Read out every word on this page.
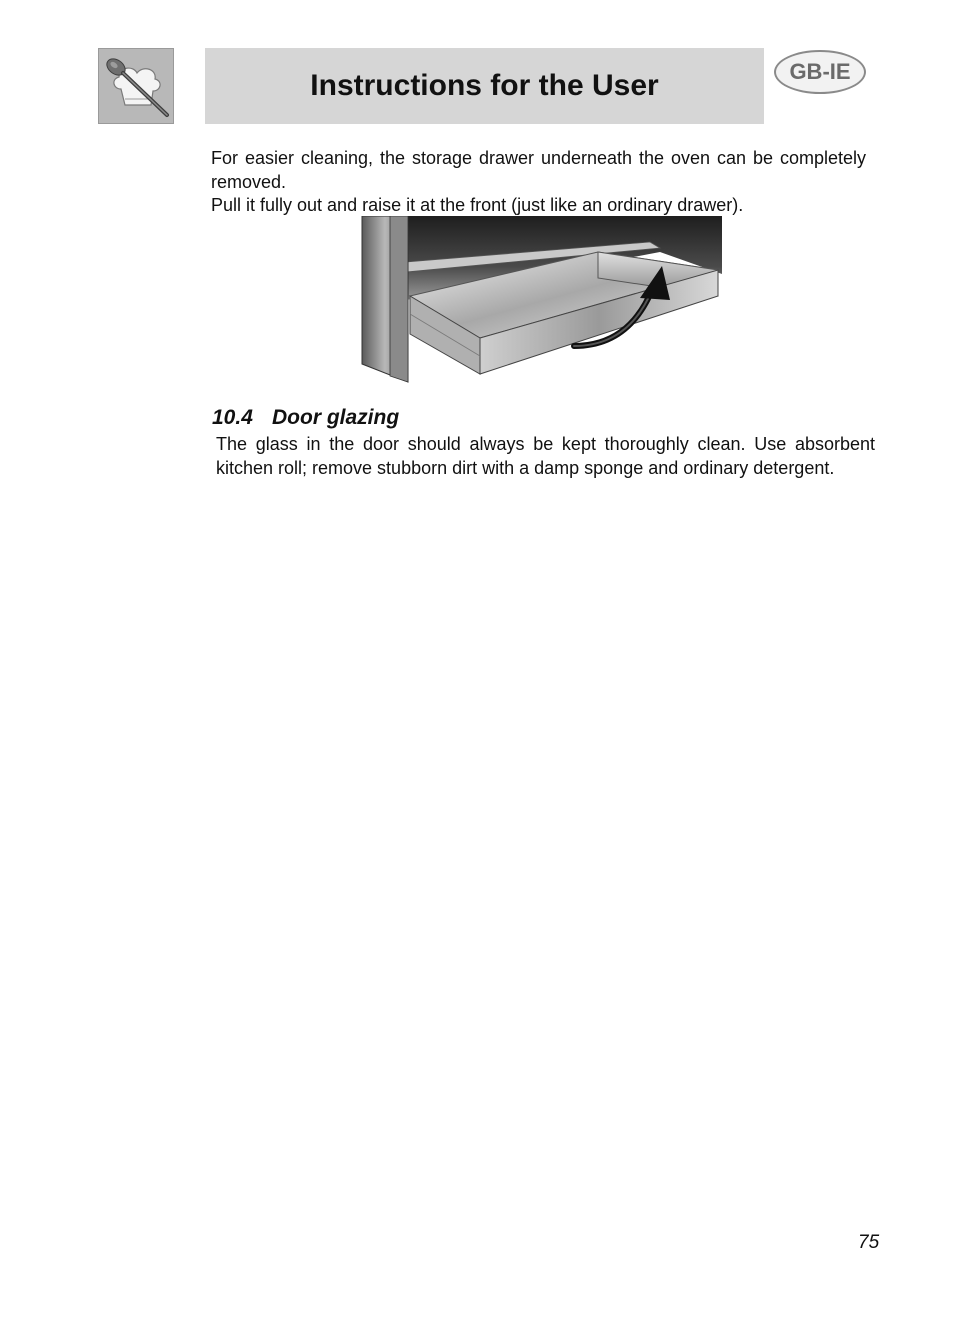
Instructions for the User	GB-IE

For easier cleaning, the storage drawer underneath the oven can be completely removed.

Pull it fully out and raise it at the front (just like an ordinary drawer).

10.4 Door glazing

The glass in the door should always be kept thoroughly clean. Use absorbent kitchen roll; remove stubborn dirt with a damp sponge and ordinary detergent.

75
